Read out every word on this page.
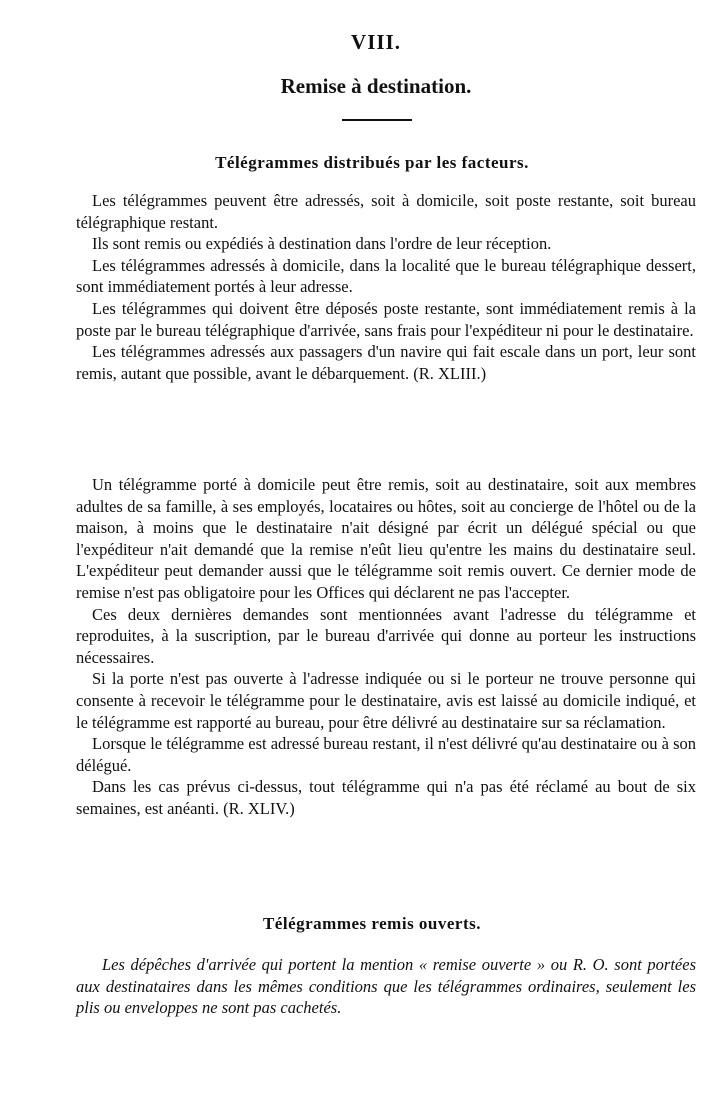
VIII.
Remise à destination.
Télégrammes distribués par les facteurs.

Les télégrammes peuvent être adressés, soit à domicile, soit poste restante, soit bureau télégraphique restant.

Ils sont remis ou expédiés à destination dans l'ordre de leur réception.

Les télégrammes adressés à domicile, dans la localité que le bureau télégraphique dessert, sont immédiatement portés à leur adresse.

Les télégrammes qui doivent être déposés poste restante, sont immédiatement remis à la poste par le bureau télégraphique d'arrivée, sans frais pour l'expéditeur ni pour le destinataire.

Les télégrammes adressés aux passagers d'un navire qui fait escale dans un port, leur sont remis, autant que possible, avant le débarquement. (R. XLIII.)

Un télégramme porté à domicile peut être remis, soit au destinataire, soit aux membres adultes de sa famille, à ses employés, locataires ou hôtes, soit au concierge de l'hôtel ou de la maison, à moins que le destinataire n'ait désigné par écrit un délégué spécial ou que l'expéditeur n'ait demandé que la remise n'eût lieu qu'entre les mains du destinataire seul. L'expéditeur peut demander aussi que le télégramme soit remis ouvert. Ce dernier mode de remise n'est pas obligatoire pour les Offices qui déclarent ne pas l'accepter.

Ces deux dernières demandes sont mentionnées avant l'adresse du télégramme et reproduites, à la suscription, par le bureau d'arrivée qui donne au porteur les instructions nécessaires.

Si la porte n'est pas ouverte à l'adresse indiquée ou si le porteur ne trouve personne qui consente à recevoir le télégramme pour le destinataire, avis est laissé au domicile indiqué, et le télégramme est rapporté au bureau, pour être délivré au destinataire sur sa réclamation.

Lorsque le télégramme est adressé bureau restant, il n'est délivré qu'au destinataire ou à son délégué.

Dans les cas prévus ci-dessus, tout télégramme qui n'a pas été réclamé au bout de six semaines, est anéanti. (R. XLIV.)

Télégrammes remis ouverts.

Les dépêches d'arrivée qui portent la mention « remise ouverte » ou R. O. sont portées aux destinataires dans les mêmes conditions que les télégrammes ordinaires, seulement les plis ou enveloppes ne sont pas cachetés.
